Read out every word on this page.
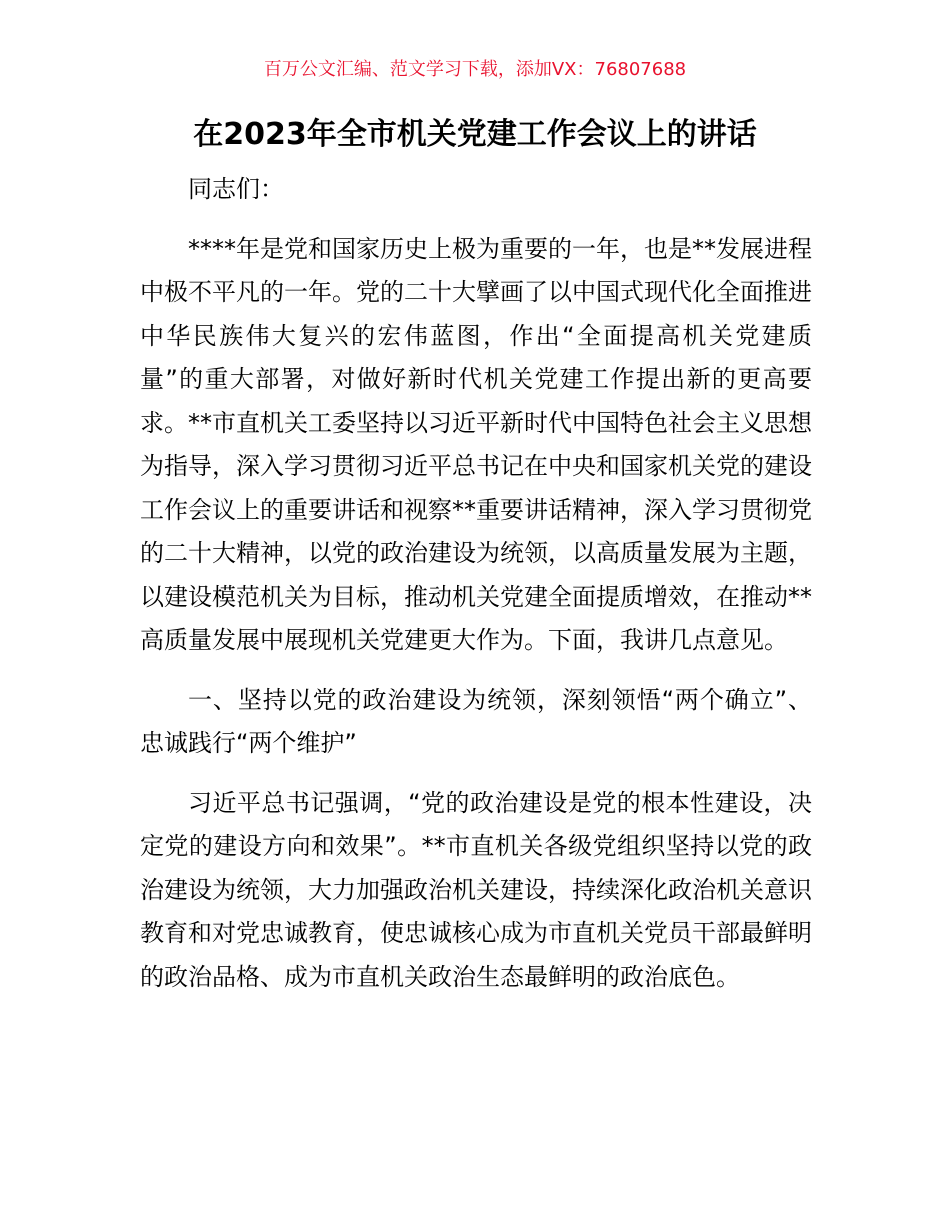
百万公文汇编、范文学习下载，添加VX：76807688
在2023年全市机关党建工作会议上的讲话

同志们：

****年是党和国家历史上极为重要的一年，也是**发展进程中极不平凡的一年。党的二十大擘画了以中国式现代化全面推进中华民族伟大复兴的宏伟蓝图，作出“全面提高机关党建质量”的重大部署，对做好新时代机关党建工作提出新的更高要求。**市直机关工委坚持以习近平新时代中国特色社会主义思想为指导，深入学习贯彻习近平总书记在中央和国家机关党的建设工作会议上的重要讲话和视察**重要讲话精神，深入学习贯彻党的二十大精神，以党的政治建设为统领，以高质量发展为主题，以建设模范机关为目标，推动机关党建全面提质增效，在推动**高质量发展中展现机关党建更大作为。下面，我讲几点意见。

一、坚持以党的政治建设为统领，深刻领悟“两个确立”、忠诚践行“两个维护”

习近平总书记强调，“党的政治建设是党的根本性建设，决定党的建设方向和效果”。**市直机关各级党组织坚持以党的政治建设为统领，大力加强政治机关建设，持续深化政治机关意识教育和对党忠诚教育，使忠诚核心成为市直机关党员干部最鲜明的政治品格、成为市直机关政治生态最鲜明的政治底色。
